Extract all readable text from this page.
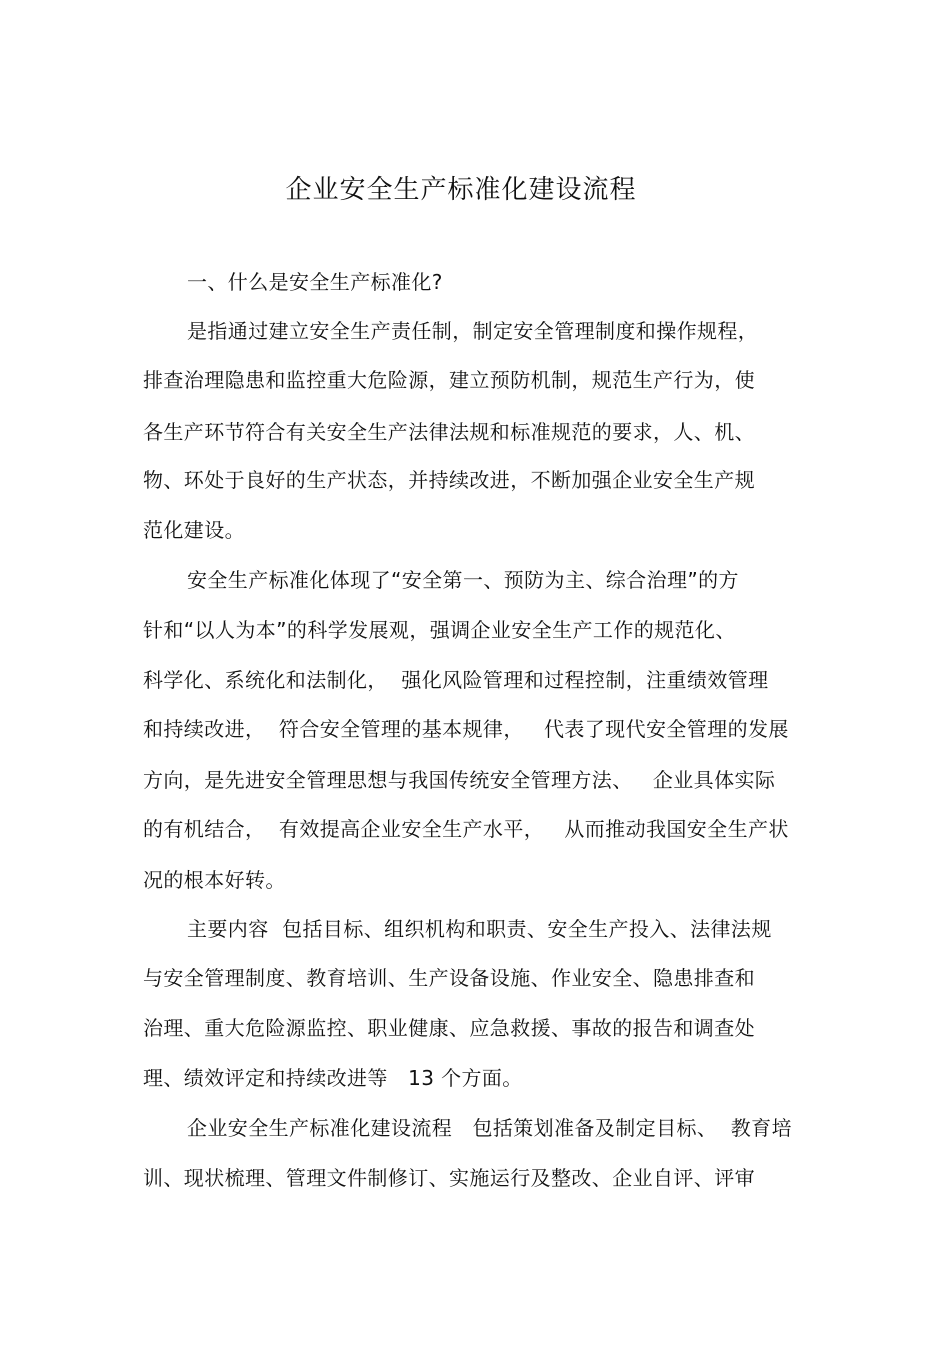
企业安全生产标准化建设流程
一、什么是安全生产标准化?
是指通过建立安全生产责任制，制定安全管理制度和操作规程，
排查治理隐患和监控重大危险源，建立预防机制，规范生产行为，使
各生产环节符合有关安全生产法律法规和标准规范的要求，人、机、
物、环处于良好的生产状态，并持续改进，不断加强企业安全生产规
范化建设。
安全生产标准化体现了“安全第一、预防为主、综合治理”的方
针和“以人为本”的科学发展观，强调企业安全生产工作的规范化、
科学化、系统化和法制化，  强化风险管理和过程控制，注重绩效管理
和持续改进，  符合安全管理的基本规律，   代表了现代安全管理的发展
方向，是先进安全管理思想与我国传统安全管理方法、   企业具体实际
的有机结合，  有效提高企业安全生产水平，   从而推动我国安全生产状
况的根本好转。
主要内容  包括目标、组织机构和职责、安全生产投入、法律法规
与安全管理制度、教育培训、生产设备设施、作业安全、隐患排查和
治理、重大危险源监控、职业健康、应急救援、事故的报告和调查处
理、绩效评定和持续改进等   13 个方面。
企业安全生产标准化建设流程   包括策划准备及制定目标、  教育培
训、现状梳理、管理文件制修订、实施运行及整改、企业自评、评审
